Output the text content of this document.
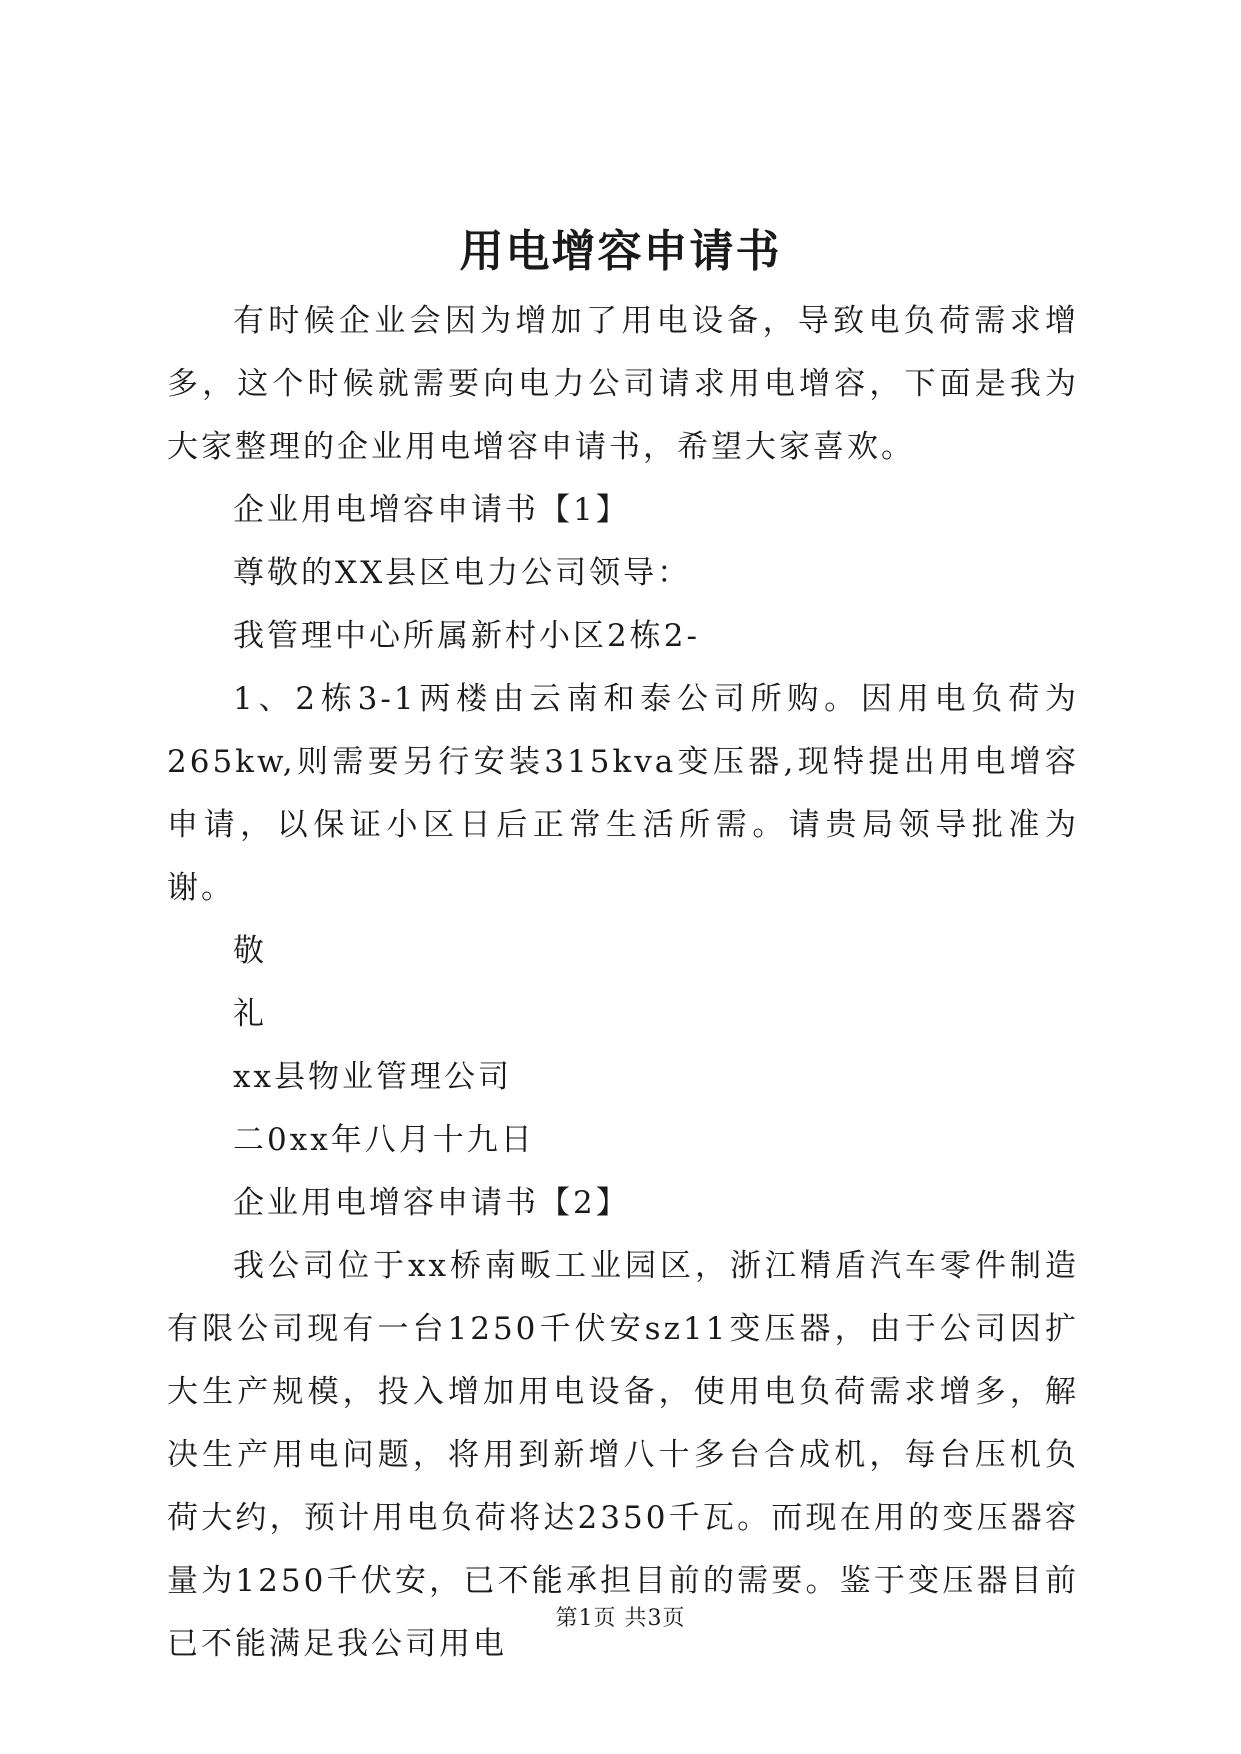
用电增容申请书

有时候企业会因为增加了用电设备，导致电负荷需求增多，这个时候就需要向电力公司请求用电增容，下面是我为大家整理的企业用电增容申请书，希望大家喜欢。

企业用电增容申请书【1】

尊敬的XX县区电力公司领导：

我管理中心所属新村小区2栋2-

1、2栋3-1两楼由云南和泰公司所购。因用电负荷为265kw,则需要另行安装315kva变压器,现特提出用电增容申请，以保证小区日后正常生活所需。请贵局领导批准为谢。

敬

礼

xx县物业管理公司

二0xx年八月十九日

企业用电增容申请书【2】

我公司位于xx桥南畈工业园区，浙江精盾汽车零件制造有限公司现有一台1250千伏安sz11变压器，由于公司因扩大生产规模，投入增加用电设备，使用电负荷需求增多，解决生产用电问题，将用到新增八十多台合成机，每台压机负荷大约，预计用电负荷将达2350千瓦。而现在用的变压器容量为1250千伏安，已不能承担目前的需要。鉴于变压器目前已不能满足我公司用电

第1页 共3页
